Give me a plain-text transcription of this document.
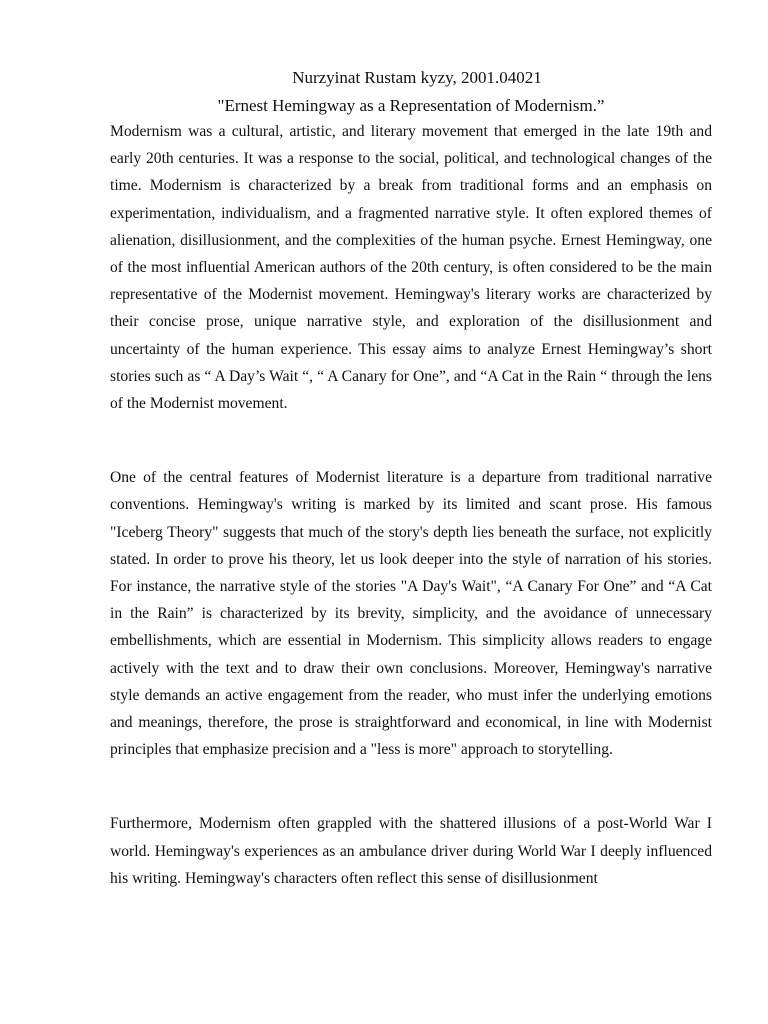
Nurzyinat Rustam kyzy, 2001.04021

"Ernest Hemingway as a Representation of Modernism.”

Modernism was a cultural, artistic, and literary movement that emerged in the late 19th and early 20th centuries. It was a response to the social, political, and technological changes of the time. Modernism is characterized by a break from traditional forms and an emphasis on experimentation, individualism, and a fragmented narrative style. It often explored themes of alienation, disillusionment, and the complexities of the human psyche. Ernest Hemingway, one of the most influential American authors of the 20th century, is often considered to be the main representative of the Modernist movement. Hemingway's literary works are characterized by their concise prose, unique narrative style, and exploration of the disillusionment and uncertainty of the human experience. This essay aims to analyze Ernest Hemingway’s short stories such as “ A Day’s Wait “, “ A Canary for One”, and “A Cat in the Rain “ through the lens of the Modernist movement.

One of the central features of Modernist literature is a departure from traditional narrative conventions. Hemingway's writing is marked by its limited and scant prose. His famous "Iceberg Theory" suggests that much of the story's depth lies beneath the surface, not explicitly stated. In order to prove his theory, let us look deeper into the style of narration of his stories. For instance, the narrative style of the stories "A Day's Wait", “A Canary For One” and “A Cat in the Rain” is characterized by its brevity, simplicity, and the avoidance of unnecessary embellishments, which are essential in Modernism. This simplicity allows readers to engage actively with the text and to draw their own conclusions. Moreover, Hemingway's narrative style demands an active engagement from the reader, who must infer the underlying emotions and meanings, therefore, the prose is straightforward and economical, in line with Modernist principles that emphasize precision and a "less is more" approach to storytelling.

Furthermore, Modernism often grappled with the shattered illusions of a post-World War I world. Hemingway's experiences as an ambulance driver during World War I deeply influenced his writing. Hemingway's characters often reflect this sense of disillusionment
